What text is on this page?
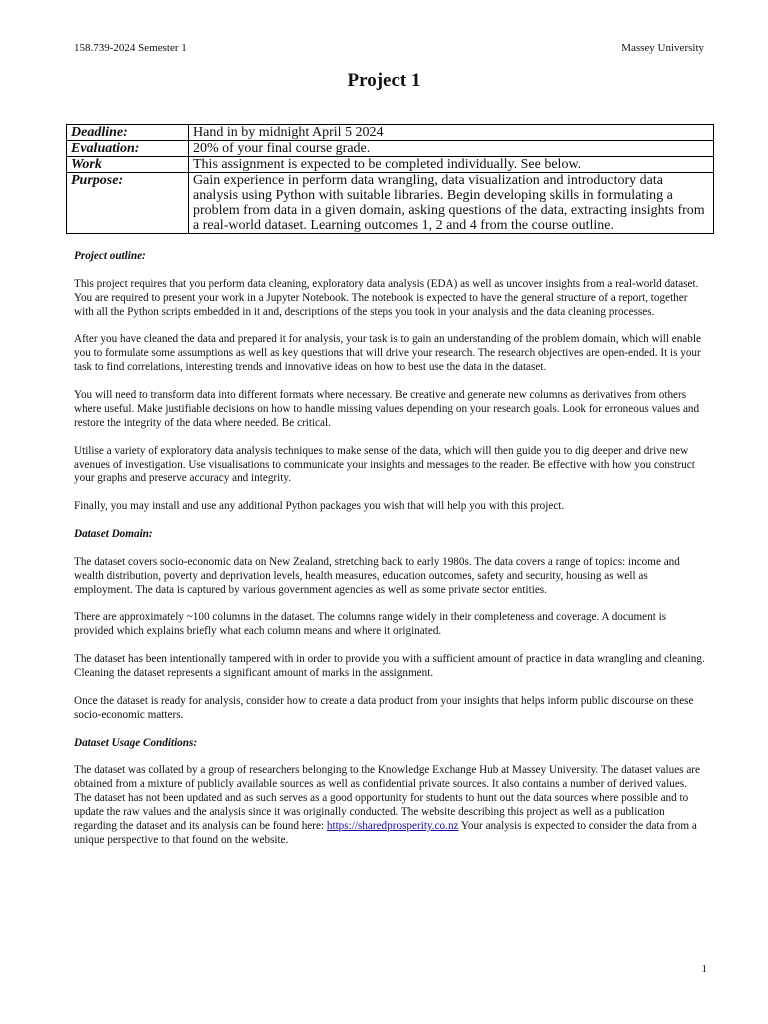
158.739-2024 Semester 1	Massey University
Project 1
Deadline:	Hand in by midnight April 5 2024
Evaluation:	20% of your final course grade.
Work	This assignment is expected to be completed individually. See below.
Purpose:	Gain experience in perform data wrangling, data visualization and introductory data analysis using Python with suitable libraries. Begin developing skills in formulating a problem from data in a given domain, asking questions of the data, extracting insights from a real-world dataset. Learning outcomes 1, 2 and 4 from the course outline.
Project outline:

This project requires that you perform data cleaning, exploratory data analysis (EDA) as well as uncover insights from a real-world dataset. You are required to present your work in a Jupyter Notebook. The notebook is expected to have the general structure of a report, together with all the Python scripts embedded in it and, descriptions of the steps you took in your analysis and the data cleaning processes.

After you have cleaned the data and prepared it for analysis, your task is to gain an understanding of the problem domain, which will enable you to formulate some assumptions as well as key questions that will drive your research. The research objectives are open-ended. It is your task to find correlations, interesting trends and innovative ideas on how to best use the data in the dataset.

You will need to transform data into different formats where necessary. Be creative and generate new columns as derivatives from others where useful. Make justifiable decisions on how to handle missing values depending on your research goals. Look for erroneous values and restore the integrity of the data where needed. Be critical.

Utilise a variety of exploratory data analysis techniques to make sense of the data, which will then guide you to dig deeper and drive new avenues of investigation. Use visualisations to communicate your insights and messages to the reader. Be effective with how you construct your graphs and preserve accuracy and integrity.

Finally, you may install and use any additional Python packages you wish that will help you with this project.

Dataset Domain:

The dataset covers socio-economic data on New Zealand, stretching back to early 1980s. The data covers a range of topics: income and wealth distribution, poverty and deprivation levels, health measures, education outcomes, safety and security, housing as well as employment. The data is captured by various government agencies as well as some private sector entities.

There are approximately ~100 columns in the dataset. The columns range widely in their completeness and coverage. A document is provided which explains briefly what each column means and where it originated.

The dataset has been intentionally tampered with in order to provide you with a sufficient amount of practice in data wrangling and cleaning. Cleaning the dataset represents a significant amount of marks in the assignment.

Once the dataset is ready for analysis, consider how to create a data product from your insights that helps inform public discourse on these socio-economic matters.

Dataset Usage Conditions:

The dataset was collated by a group of researchers belonging to the Knowledge Exchange Hub at Massey University. The dataset values are obtained from a mixture of publicly available sources as well as confidential private sources. It also contains a number of derived values. The dataset has not been updated and as such serves as a good opportunity for students to hunt out the data sources where possible and to update the raw values and the analysis since it was originally conducted. The website describing this project as well as a publication regarding the dataset and its analysis can be found here: https://sharedprosperity.co.nz Your analysis is expected to consider the data from a unique perspective to that found on the website.

1
